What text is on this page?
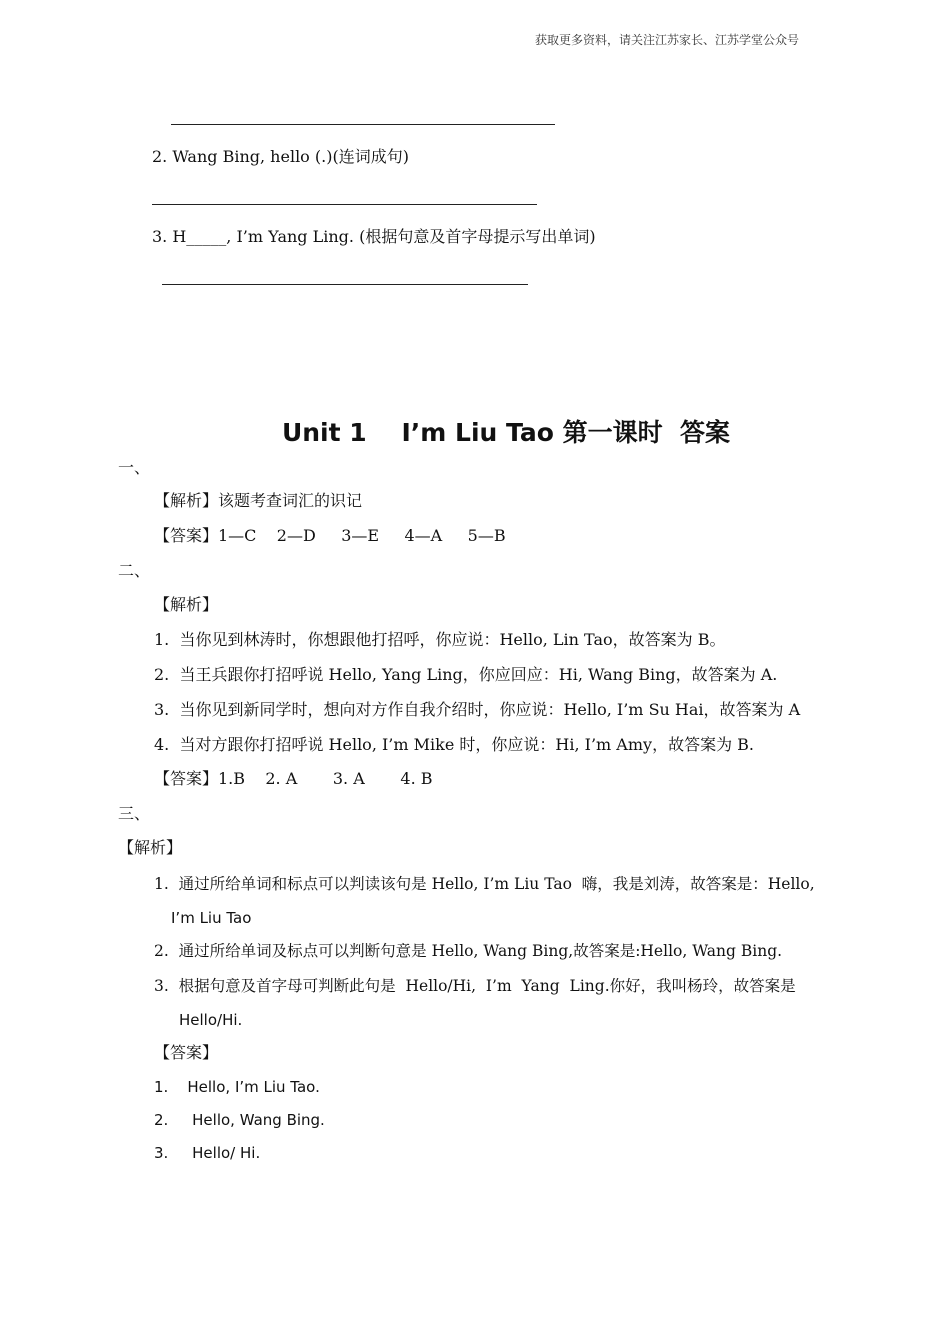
获取更多资料，请关注江苏家长、江苏学堂公众号
2. Wang Bing, hello (.)(连词成句)
3. H_____, I’m Yang Ling. (根据句意及首字母提示写出单词)
Unit 1    I’m Liu Tao 第一课时  答案
一、
【解析】该题考查词汇的识记
【答案】1—C    2—D     3—E     4—A     5—B
二、
【解析】
1.  当你见到林涛时，你想跟他打招呼，你应说：Hello, Lin Tao，故答案为 B。
2.  当王兵跟你打招呼说 Hello, Yang Ling，你应回应：Hi, Wang Bing，故答案为 A.
3.  当你见到新同学时，想向对方作自我介绍时，你应说：Hello, I’m Su Hai，故答案为 A
4.  当对方跟你打招呼说 Hello, I’m Mike 时，你应说：Hi, I’m Amy，故答案为 B.
【答案】1.B    2. A       3. A       4. B
三、
【解析】
1.  通过所给单词和标点可以判读该句是 Hello, I’m Liu Tao  嗨，我是刘涛，故答案是：Hello,
I’m Liu Tao
2.  通过所给单词及标点可以判断句意是 Hello, Wang Bing,故答案是:Hello, Wang Bing.
3.  根据句意及首字母可判断此句是  Hello/Hi,  I’m  Yang  Ling.你好，我叫杨玲，故答案是
Hello/Hi.
【答案】
1.    Hello, I’m Liu Tao.
2.     Hello, Wang Bing.
3.     Hello/ Hi.
